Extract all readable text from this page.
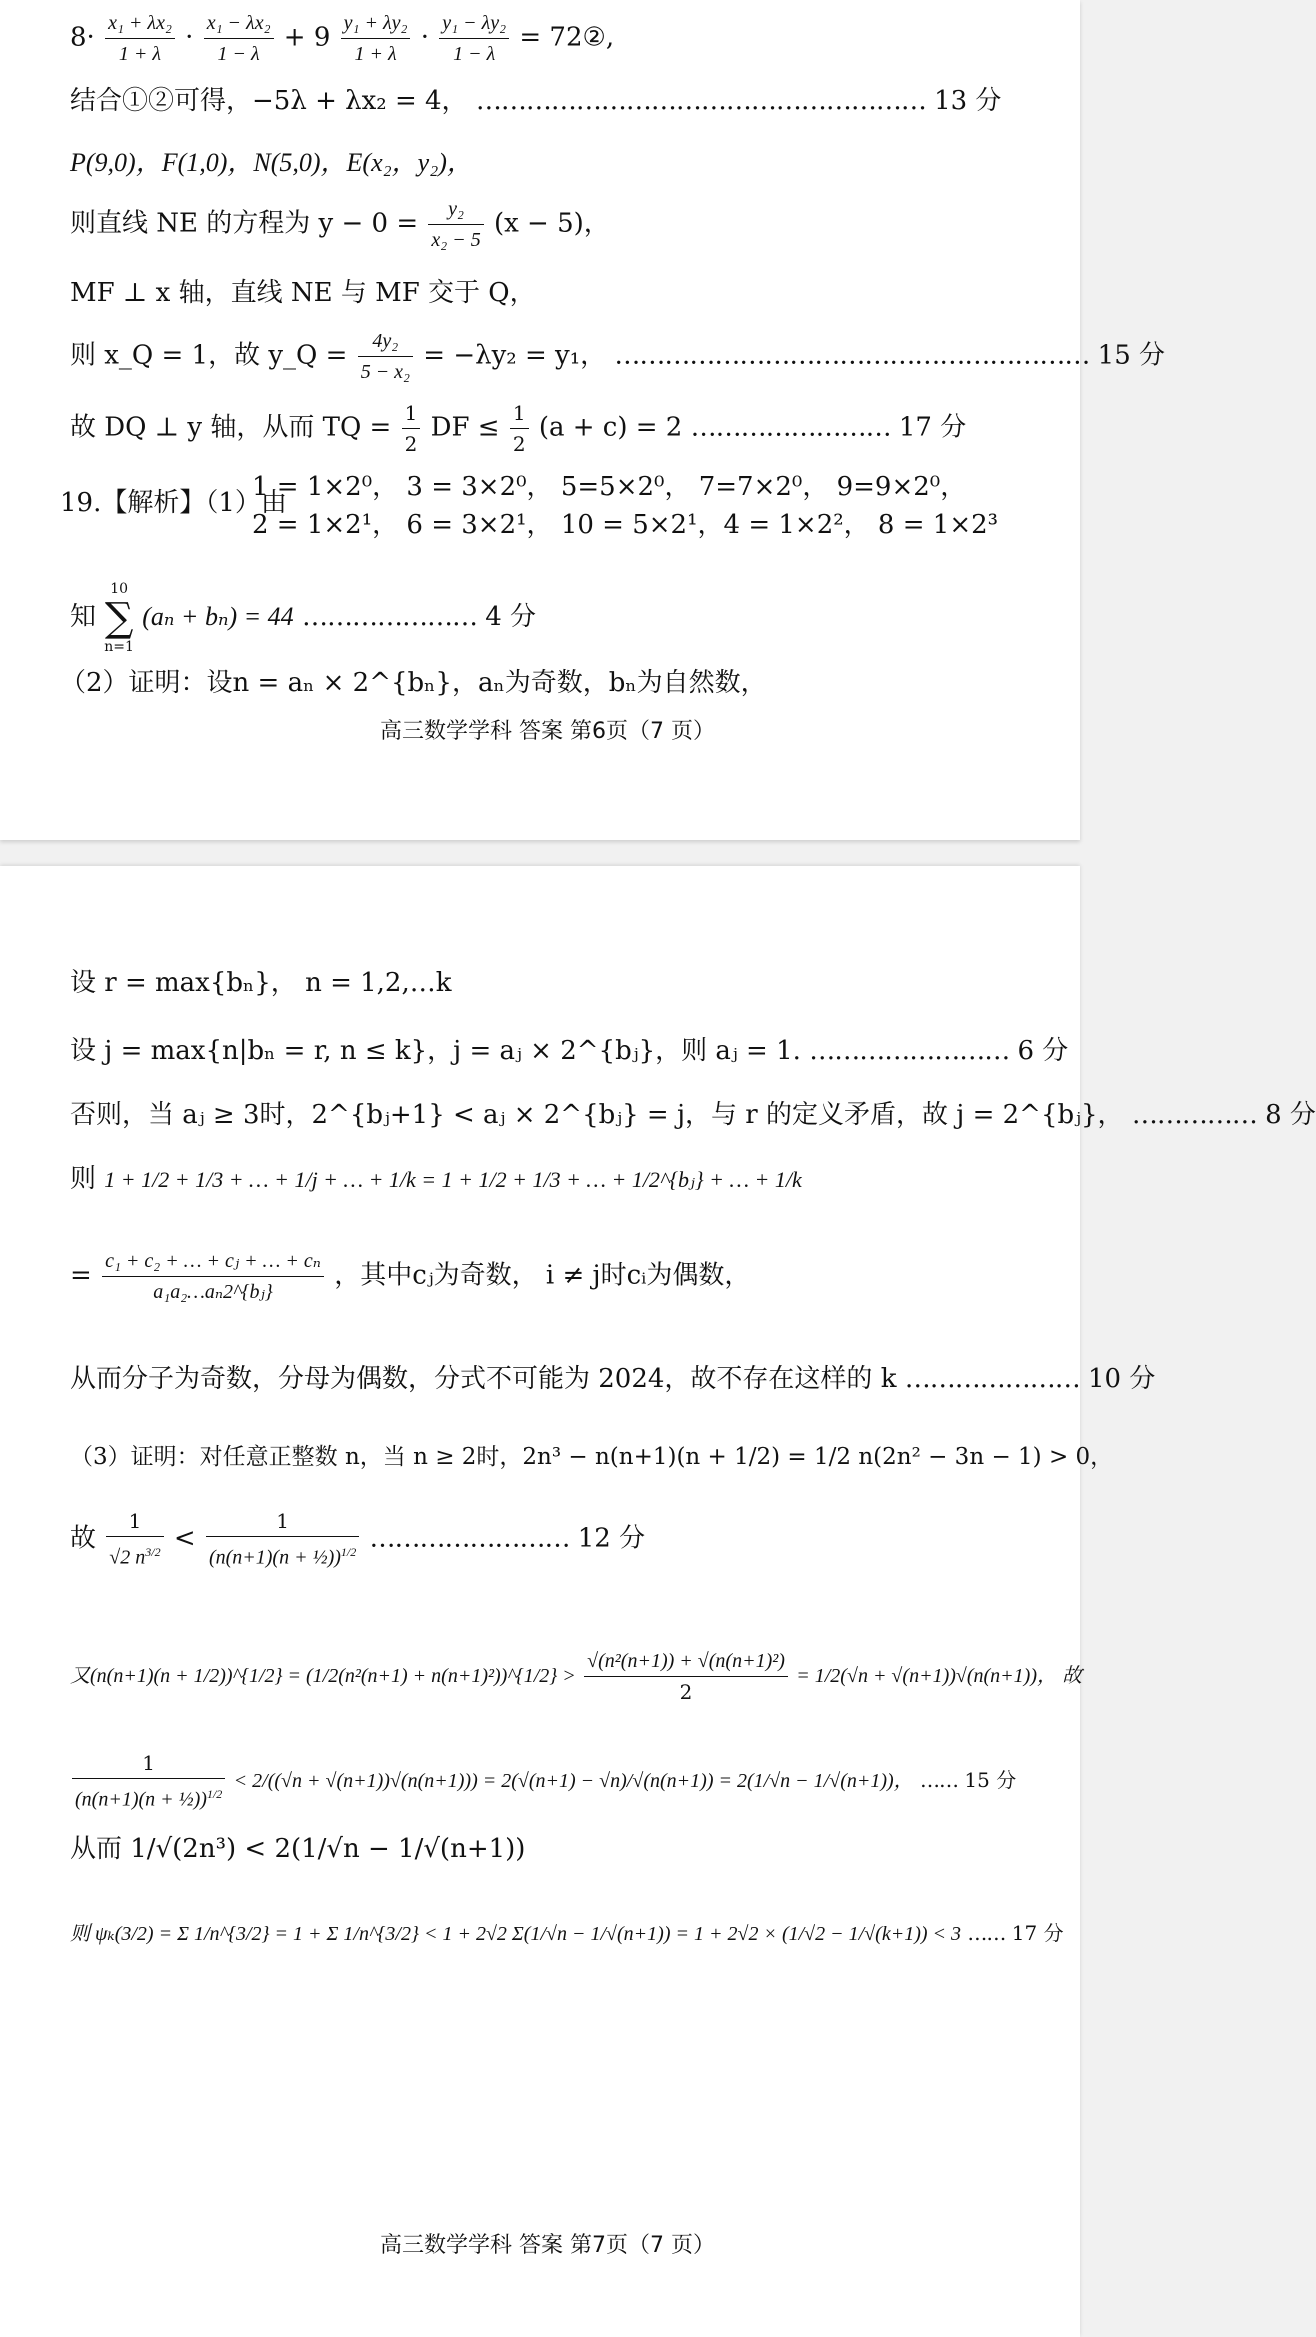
$8\cdot \frac{\text{x₁ + λx₂}}{1 + \lambda} \cdot \frac{\text{x₁ − λx₂}}{1 - \lambda} + 9 \frac{\text{y₁ + λy₂}}{1 + \lambda} \cdot \frac{\text{y₁ − λy₂}}{1 - \lambda}$ = 72②,
结合①②可得，−5λ + λx₂ = 4， ……………………………………………… 13 分
P(9,0)，F(1,0)，N(5,0)，E(x₂，y₂)，
则直线 NE 的方程为 $y - 0 = \frac{\text{y₂}}{\text{x₂ − 5}} (x - 5)$，
MF ⊥ x 轴，直线 NE 与 MF 交于 Q，
则 x_Q = 1，故 y_Q = $\frac{\text{4y₂}}{\text{5 − x₂}} = -\lambda y_2 = y_1$， ………………………………………………… 15 分
故 DQ ⊥ y 轴，从而 TQ = $\frac{1}{2}$ DF ≤ $\frac{1}{2} (a + c) = 2$ …………………… 17 分
19.【解析】（1）由
1 = 1×2⁰， 3 = 3×2⁰， 5=5×2⁰， 7=7×2⁰， 9=9×2⁰，
2 = 1×2¹， 6 = 3×2¹， 10 = 5×2¹，4 = 1×2²， 8 = 1×2³
知
10
∑
n=1
(aₙ + bₙ) = 44 ………………… 4 分
（2）证明：设n = aₙ × 2^{bₙ}，aₙ为奇数，bₙ为自然数，
高三数学学科 答案 第6页（7 页）
设 r = max{bₙ}， n = 1,2,…k
设 j = max{n|bₙ = r, n ≤ k}，j = aⱼ × 2^{bⱼ}，则 aⱼ = 1. …………………… 6 分
否则，当 aⱼ ≥ 3时，2^{bⱼ+1} < aⱼ × 2^{bⱼ} = j，与 r 的定义矛盾，故 j = 2^{bⱼ}， …………… 8 分
则 1 + 1/2 + 1/3 + … + 1/j + … + 1/k = 1 + 1/2 + 1/3 + … + 1/2^{bⱼ} + … + 1/k
= $\frac{\text{c₁ + c₂ + … + cⱼ + … + cₙ}}{\text{a₁a₂…aₙ2\textasciicircum{}\{bⱼ\}}}$ ，其中cⱼ为奇数， i ≠ j时cᵢ为偶数，
从而分子为奇数，分母为偶数，分式不可能为 2024，故不存在这样的 k ………………… 10 分
（3）证明：对任意正整数 n，当 n ≥ 2时，2n³ − n(n+1)(n + 1/2) = 1/2 n(2n² − 3n − 1) > 0，
故 $\frac{1}{√2 n^{3/2}} < \frac{1}{(n(n+1)(n + \frac{1}{2}))^{1/2}}$ …………………… 12 分
又(n(n+1)(n + 1/2))^{1/2} = (1/2(n²(n+1) + n(n+1)²))^{1/2} > $\frac{\text{√(n²(n+1)) + √(n(n+1)²)}}{2} = 1/2(√n + √(n+1))√(n(n+1))$， 故
$\frac{1}{(n(n+1)(n + \frac{1}{2}))^{1/2}} < 2/((√n + √(n+1))√(n(n+1))) = 2(√(n+1) - √n)/√(n(n+1)) = 2(1/√n - 1/√(n+1))$， …… 15 分
从而 1/√(2n³) < 2(1/√n − 1/√(n+1))
则 ψₖ(3/2) = Σ 1/n^{3/2} = 1 + Σ 1/n^{3/2} < 1 + 2√2 Σ(1/√n − 1/√(n+1)) = 1 + 2√2 × (1/√2 − 1/√(k+1)) < 3 …… 17 分
高三数学学科 答案 第7页（7 页）
